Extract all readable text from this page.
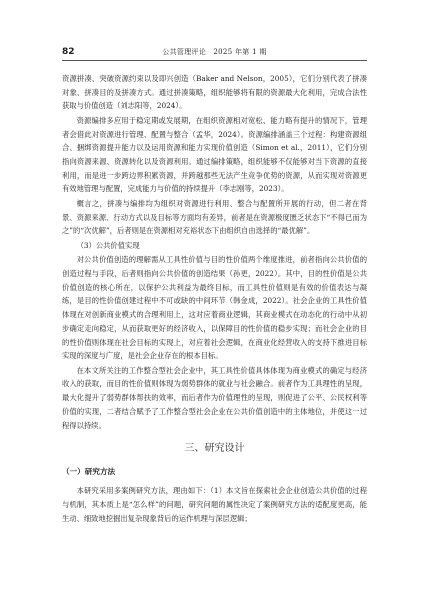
82	公共管理评论　2025 年第 1 期

资源拼凑、突破资源约束以及即兴创造（Baker and Nelson，2005），它们分别代表了拼凑对象、拼凑目的及拼凑方式。通过拼凑策略，组织能够将有限的资源最大化利用，完成合法性获取与价值创造（刘志阳等，2024）。

资源编排多应用于稳定期或发展期，在组织资源相对宽松、能力略有提升的情况下，管理者会借此对资源进行管理、配置与整合（孟华，2024）。资源编排涵盖三个过程：构建资源组合、捆绑资源提升能力以及运用资源和能力实现价值创造（Simon et al.，2011），它们分别指向资源来源、资源转化以及资源利用。通过编排策略，组织能够不仅能够对当下资源的直接利用，而是进一步跨边界积累资源，并跨越那些无法产生竞争优势的资源，从而实现对资源更有效地管理与配置，完成能力与价值的持续提升（李志刚等，2023）。

概言之，拼凑与编排均为组织对资源进行利用、整合与配置所开展的行动，但二者在背景、资源来源、行动方式以及目标等方面均有差异，前者是在资源极度匮乏状态下“不得已而为之”的“次优解”，后者则是在资源相对充裕状态下由组织自由选择的“最优解”。

（3）公共价值实现

对公共价值创造的理解需从工具性价值与目的性价值两个维度推进，前者指向公共价值的创造过程与手段，后者则指向公共价值的创造结果（孙更，2022）。其中，目的性价值是公共价值创造的核心所在，以保护公共利益为最终目标，而工具性价值则是有效的价值表达与凝练，是目的性价值创建过程中不可或缺的中间环节（韩金成，2022）。社会企业的工具性价值体现在对创新商业模式的合理利用上，这对应着商业逻辑，其商业模式在动态化的行动中从初步确定走向稳定，从而获取更好的经济收入，以保障目的性价值的稳步实现；而社会企业的目的性价值则体现在社会目标的实现上，对应着社会逻辑，在商业化经营收入的支持下推进目标实现的深度与广度，是社会企业存在的根本目标。

在本文所关注的工作整合型社会企业中，其工具性价值具体体现为商业模式的确定与经济收入的获取，而目的性价值则体现为弱势群体的就业与社会融合。前者作为工具理性的呈现，最大化提升了弱势群体帮扶的效率，而后者作为价值理性的呈现，则促进了公平、公民权利等价值的实现，二者结合赋予了工作整合型社会企业在公共价值创造中的主体地位，并使这一过程得以持续。

三、研究设计
（一）研究方法

本研究采用多案例研究方法，理由如下：（1）本文旨在探索社会企业创造公共价值的过程与机制，其本质上是“怎么样”的问题，研究问题的属性决定了案例研究方法的适配度更高，能生动、细致地挖掘出复杂现象背后的运作机理与深层逻辑；
